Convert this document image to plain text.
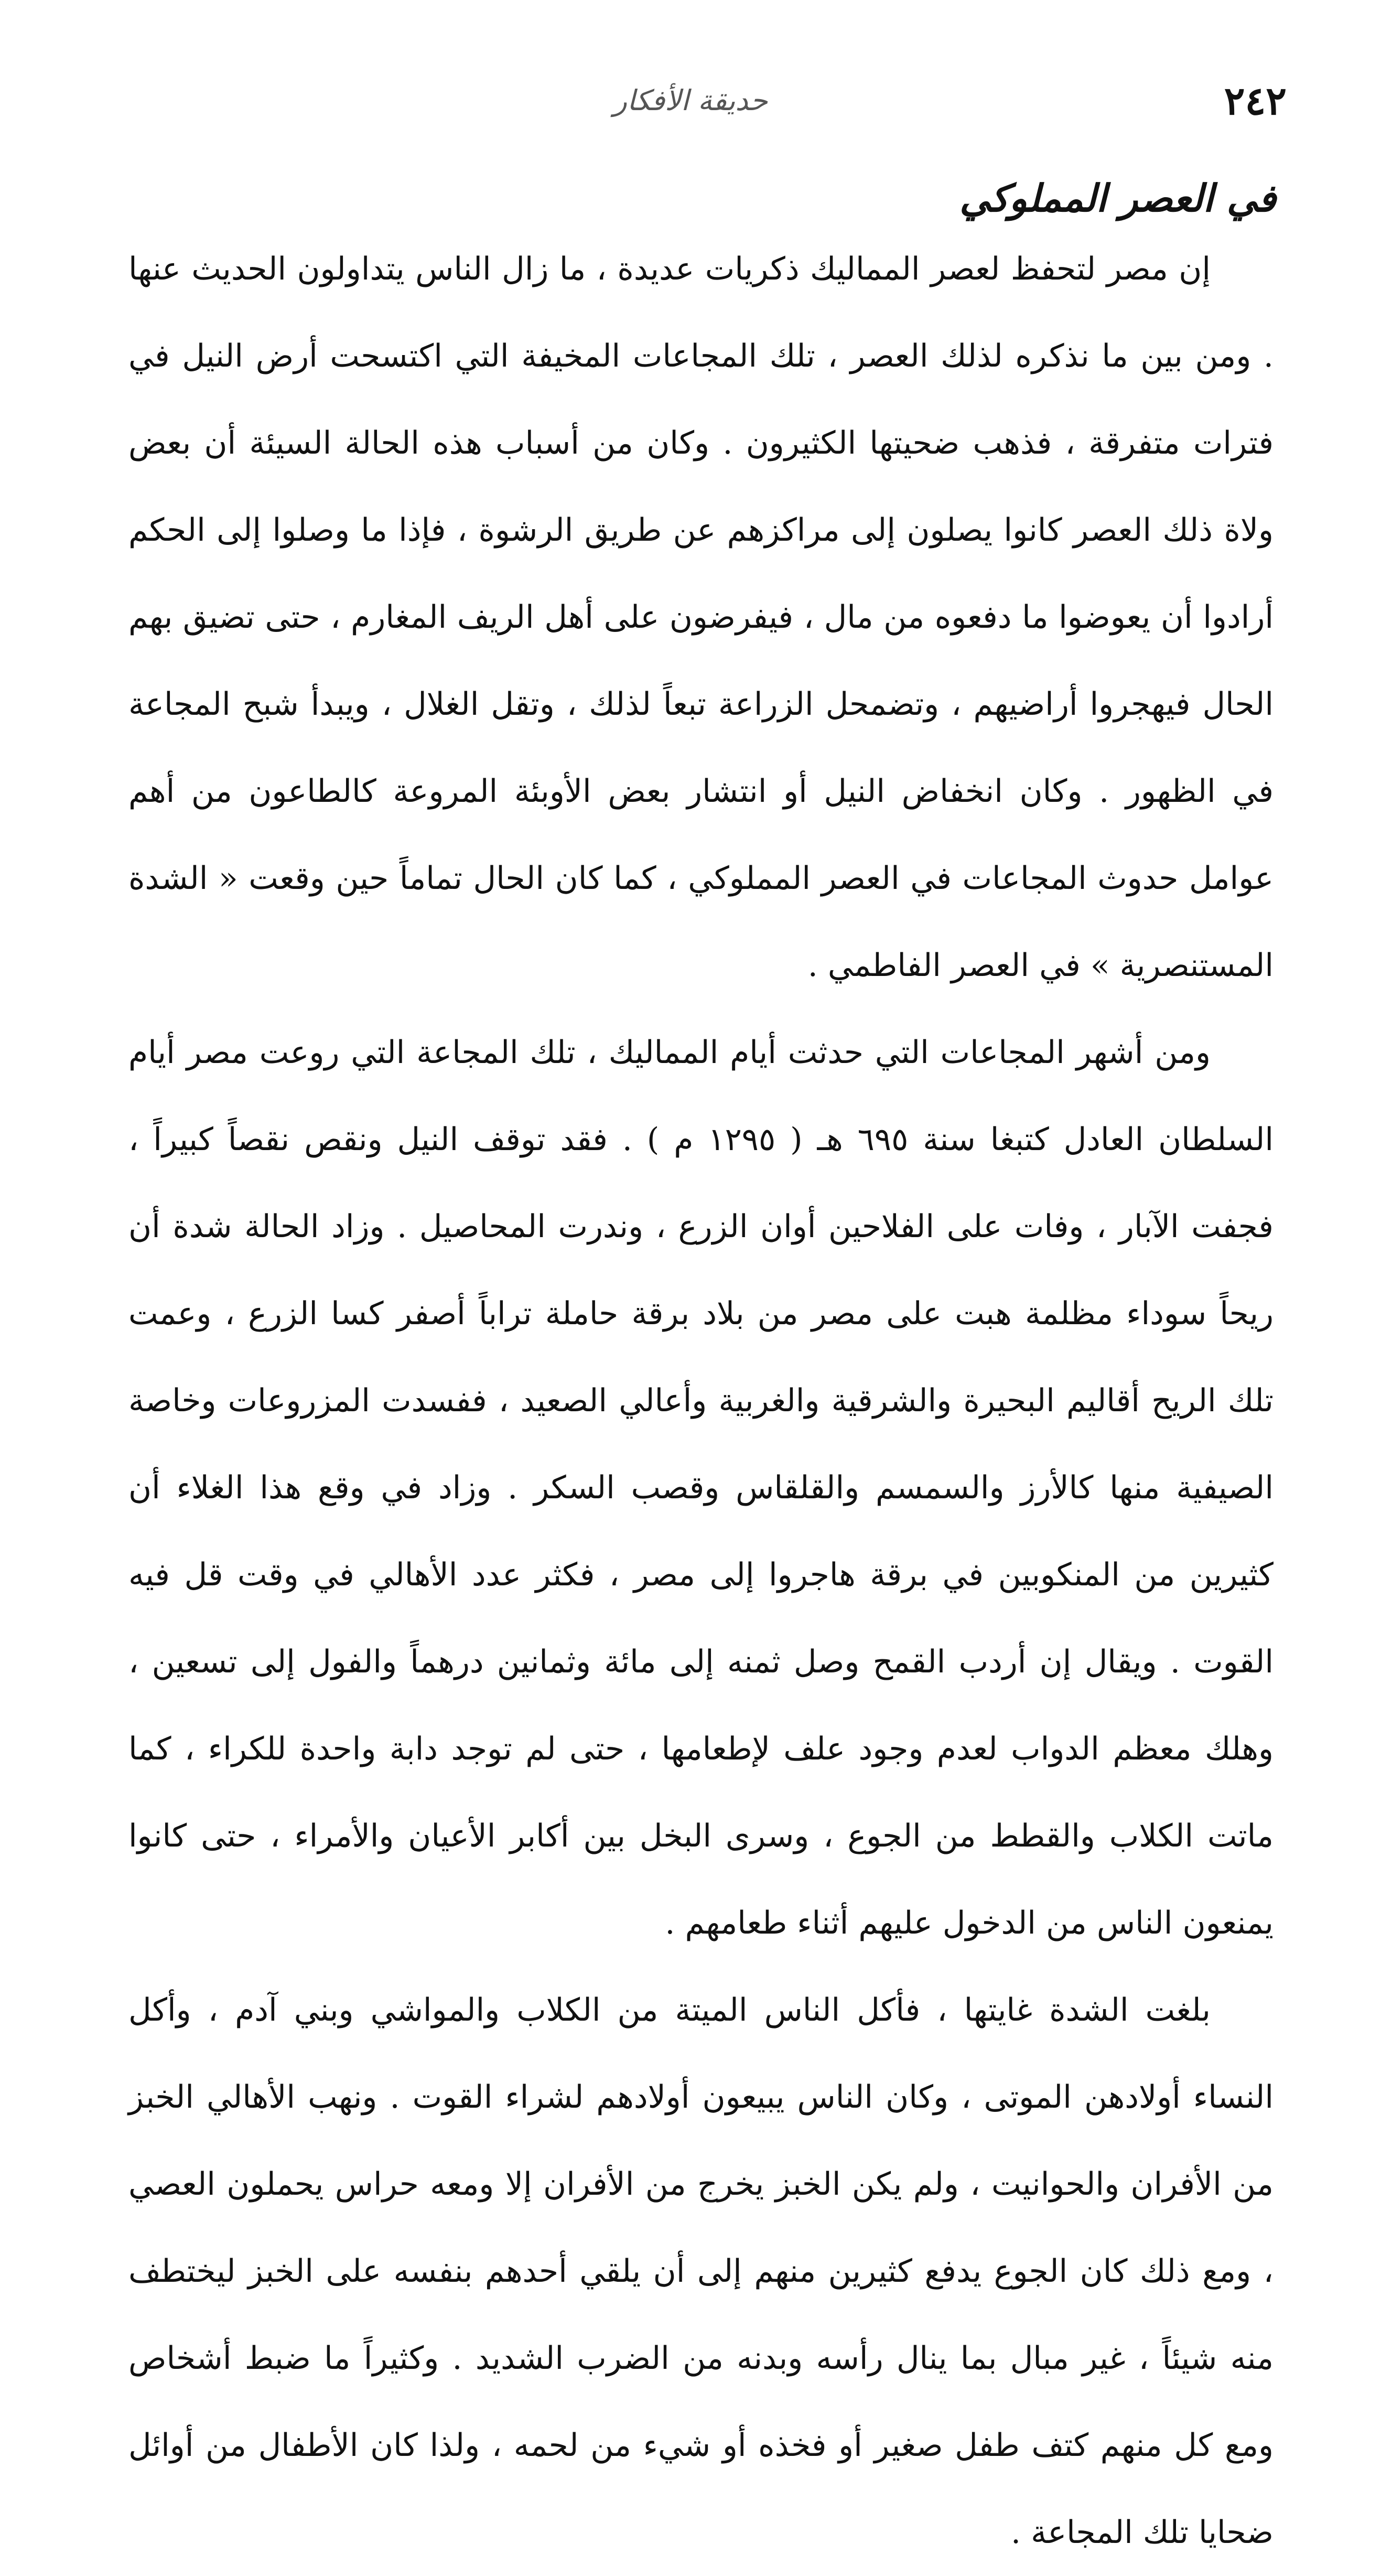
٢٤٢
حديقة الأفكار
في العصر المملوكي

إن مصر لتحفظ لعصر المماليك ذكريات عديدة ، ما زال الناس يتداولون الحديث عنها . ومن بين ما نذكره لذلك العصر ، تلك المجاعات المخيفة التي اكتسحت أرض النيل في فترات متفرقة ، فذهب ضحيتها الكثيرون . وكان من أسباب هذه الحالة السيئة أن بعض ولاة ذلك العصر كانوا يصلون إلى مراكزهم عن طريق الرشوة ، فإذا ما وصلوا إلى الحكم أرادوا أن يعوضوا ما دفعوه من مال ، فيفرضون على أهل الريف المغارم ، حتى تضيق بهم الحال فيهجروا أراضيهم ، وتضمحل الزراعة تبعاً لذلك ، وتقل الغلال ، ويبدأ شبح المجاعة في الظهور . وكان انخفاض النيل أو انتشار بعض الأوبئة المروعة كالطاعون من أهم عوامل حدوث المجاعات في العصر المملوكي ، كما كان الحال تماماً حين وقعت « الشدة المستنصرية » في العصر الفاطمي .

ومن أشهر المجاعات التي حدثت أيام المماليك ، تلك المجاعة التي روعت مصر أيام السلطان العادل كتبغا سنة ٦٩٥ هـ ( ١٢٩٥ م ) . فقد توقف النيل ونقص نقصاً كبيراً ، فجفت الآبار ، وفات على الفلاحين أوان الزرع ، وندرت المحاصيل . وزاد الحالة شدة أن ريحاً سوداء مظلمة هبت على مصر من بلاد برقة حاملة تراباً أصفر كسا الزرع ، وعمت تلك الريح أقاليم البحيرة والشرقية والغربية وأعالي الصعيد ، ففسدت المزروعات وخاصة الصيفية منها كالأرز والسمسم والقلقاس وقصب السكر . وزاد في وقع هذا الغلاء أن كثيرين من المنكوبين في برقة هاجروا إلى مصر ، فكثر عدد الأهالي في وقت قل فيه القوت . ويقال إن أردب القمح وصل ثمنه إلى مائة وثمانين درهماً والفول إلى تسعين ، وهلك معظم الدواب لعدم وجود علف لإطعامها ، حتى لم توجد دابة واحدة للكراء ، كما ماتت الكلاب والقطط من الجوع ، وسرى البخل بين أكابر الأعيان والأمراء ، حتى كانوا يمنعون الناس من الدخول عليهم أثناء طعامهم .

بلغت الشدة غايتها ، فأكل الناس الميتة من الكلاب والمواشي وبني آدم ، وأكل النساء أولادهن الموتى ، وكان الناس يبيعون أولادهم لشراء القوت . ونهب الأهالي الخبز من الأفران والحوانيت ، ولم يكن الخبز يخرج من الأفران إلا ومعه حراس يحملون العصي ، ومع ذلك كان الجوع يدفع كثيرين منهم إلى أن يلقي أحدهم بنفسه على الخبز ليختطف منه شيئاً ، غير مبال بما ينال رأسه وبدنه من الضرب الشديد . وكثيراً ما ضبط أشخاص ومع كل منهم كتف طفل صغير أو فخذه أو شيء من لحمه ، ولذا كان الأطفال من أوائل ضحايا تلك المجاعة .
